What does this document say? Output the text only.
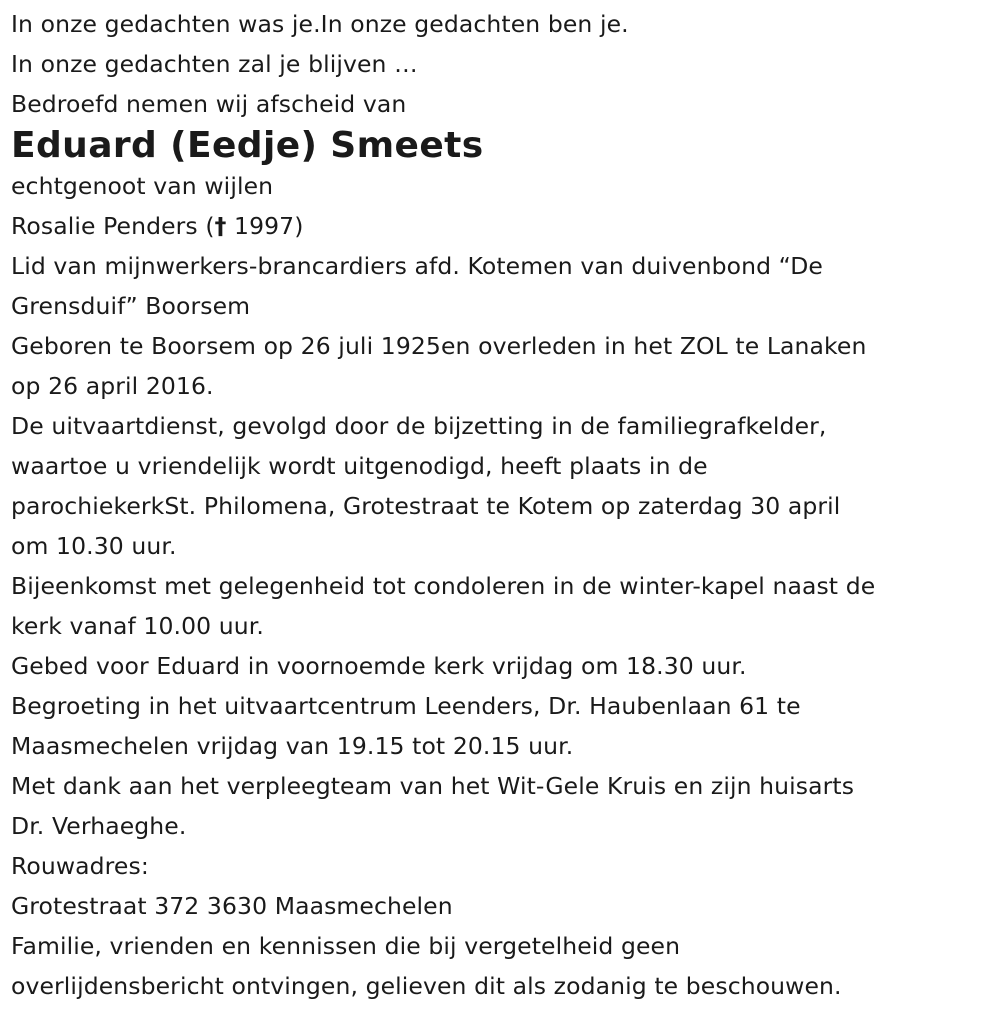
In onze gedachten was je.In onze gedachten ben je.
In onze gedachten zal je blijven …
Bedroefd nemen wij afscheid van
Eduard (Eedje) Smeets
echtgenoot van wijlen
Rosalie Penders († 1997)
Lid van mijnwerkers-brancardiers afd. Kotemen van duivenbond “De
Grensduif” Boorsem
Geboren te Boorsem op 26 juli 1925en overleden in het ZOL te Lanaken
op 26 april 2016.
De uitvaartdienst, gevolgd door de bijzetting in de familiegrafkelder,
waartoe u vriendelijk wordt uitgenodigd, heeft plaats in de
parochiekerkSt. Philomena, Grotestraat te Kotem op zaterdag 30 april
om 10.30 uur.
Bijeenkomst met gelegenheid tot condoleren in de winter-kapel naast de
kerk vanaf 10.00 uur.
Gebed voor Eduard in voornoemde kerk vrijdag om 18.30 uur.
Begroeting in het uitvaartcentrum Leenders, Dr. Haubenlaan 61 te
Maasmechelen vrijdag van 19.15 tot 20.15 uur.
Met dank aan het verpleegteam van het Wit-Gele Kruis en zijn huisarts
Dr. Verhaeghe.
Rouwadres:
Grotestraat 372 3630 Maasmechelen
Familie, vrienden en kennissen die bij vergetelheid geen
overlijdensbericht ontvingen, gelieven dit als zodanig te beschouwen.
